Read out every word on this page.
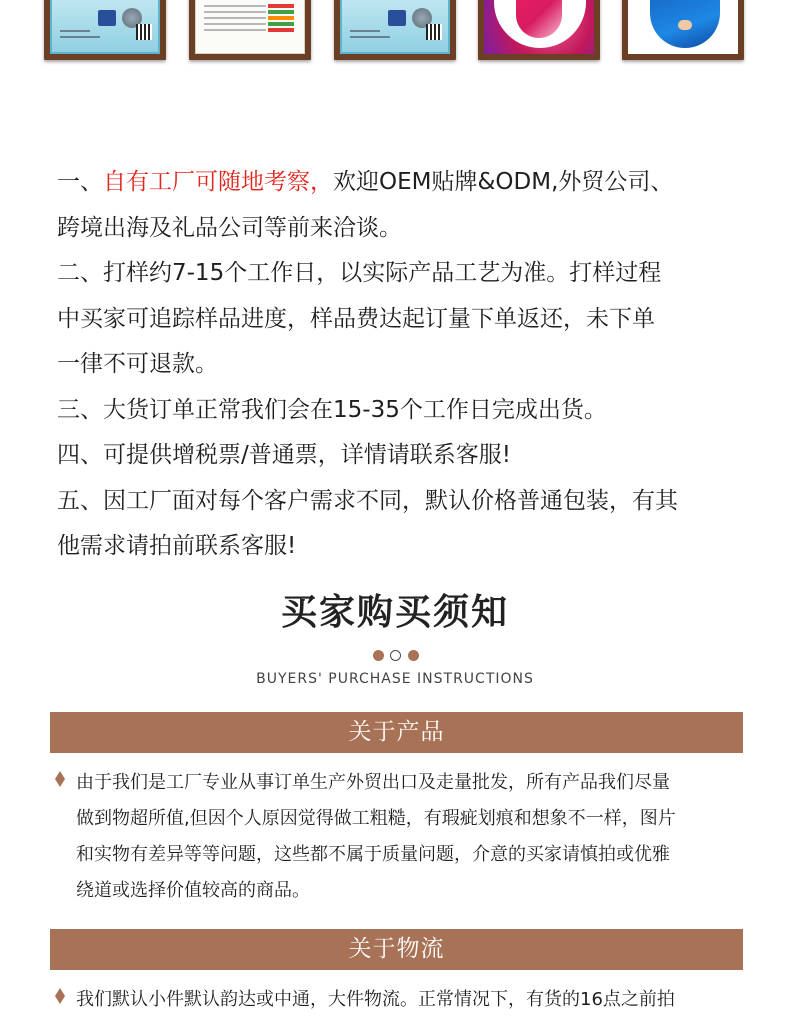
一、自有工厂可随地考察，欢迎OEM贴牌&ODM,外贸公司、

跨境出海及礼品公司等前来洽谈。

二、打样约7-15个工作日，以实际产品工艺为准。打样过程

中买家可追踪样品进度，样品费达起订量下单返还，未下单

一律不可退款。

三、大货订单正常我们会在15-35个工作日完成出货。

四、可提供增税票/普通票，详情请联系客服!

五、因工厂面对每个客户需求不同，默认价格普通包装，有其

他需求请拍前联系客服!

买家购买须知
BUYERS' PURCHASE INSTRUCTIONS
关于产品

由于我们是工厂专业从事订单生产外贸出口及走量批发，所有产品我们尽量

做到物超所值,但因个人原因觉得做工粗糙，有瑕疵划痕和想象不一样，图片

和实物有差异等等问题，这些都不属于质量问题，介意的买家请慎拍或优雅

绕道或选择价值较高的商品。

关于物流

我们默认小件默认韵达或中通，大件物流。正常情况下，有货的16点之前拍
